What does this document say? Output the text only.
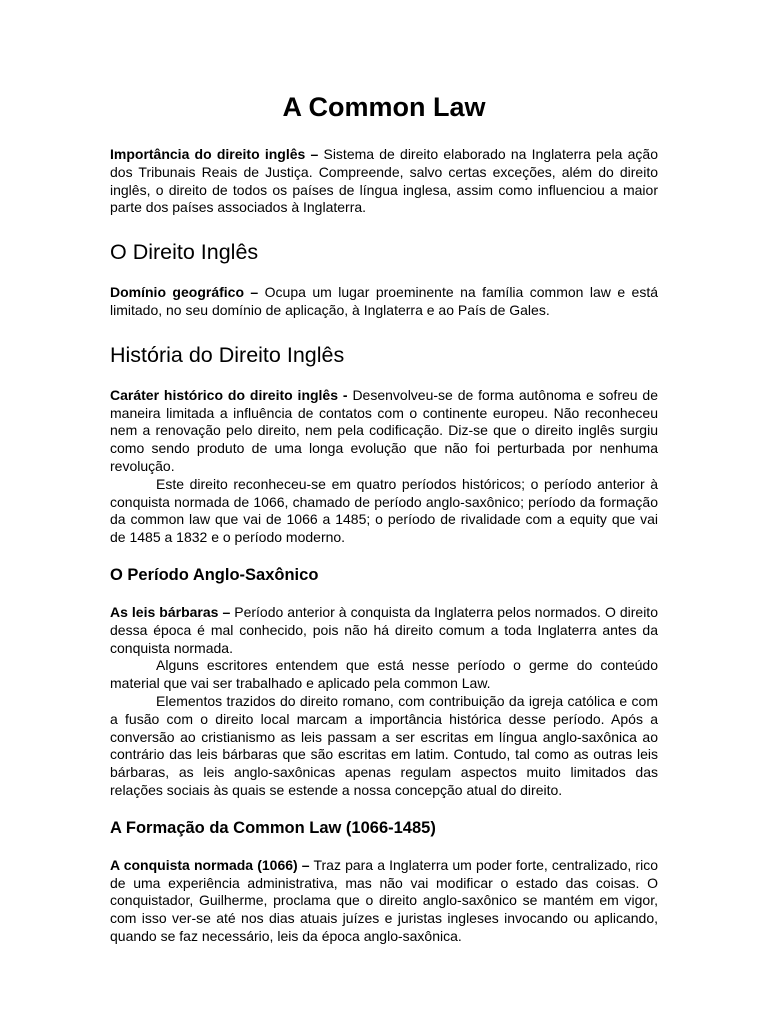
A Common Law

Importância do direito inglês – Sistema de direito elaborado na Inglaterra pela ação dos Tribunais Reais de Justiça. Compreende, salvo certas exceções, além do direito inglês, o direito de todos os países de língua inglesa, assim como influenciou a maior parte dos países associados à Inglaterra.

O Direito Inglês

Domínio geográfico – Ocupa um lugar proeminente na família common law e está limitado, no seu domínio de aplicação, à Inglaterra e ao País de Gales.

História do Direito Inglês

Caráter histórico do direito inglês - Desenvolveu-se de forma autônoma e sofreu de maneira limitada a influência de contatos com o continente europeu. Não reconheceu nem a renovação pelo direito, nem pela codificação. Diz-se que o direito inglês surgiu como sendo produto de uma longa evolução que não foi perturbada por nenhuma revolução.

Este direito reconheceu-se em quatro períodos históricos; o período anterior à conquista normada de 1066, chamado de período anglo-saxônico; período da formação da common law que vai de 1066 a 1485; o período de rivalidade com a equity que vai de 1485 a 1832 e o período moderno.

O Período Anglo-Saxônico

As leis bárbaras – Período anterior à conquista da Inglaterra pelos normados. O direito dessa época é mal conhecido, pois não há direito comum a toda Inglaterra antes da conquista normada.

Alguns escritores entendem que está nesse período o germe do conteúdo material que vai ser trabalhado e aplicado pela common Law.

Elementos trazidos do direito romano, com contribuição da igreja católica e com a fusão com o direito local marcam a importância histórica desse período. Após a conversão ao cristianismo as leis passam a ser escritas em língua anglo-saxônica ao contrário das leis bárbaras que são escritas em latim. Contudo, tal como as outras leis bárbaras, as leis anglo-saxônicas apenas regulam aspectos muito limitados das relações sociais às quais se estende a nossa concepção atual do direito.

A Formação da Common Law (1066-1485)

A conquista normada (1066) – Traz para a Inglaterra um poder forte, centralizado, rico de uma experiência administrativa, mas não vai modificar o estado das coisas. O conquistador, Guilherme, proclama que o direito anglo-saxônico se mantém em vigor, com isso ver-se até nos dias atuais juízes e juristas ingleses invocando ou aplicando, quando se faz necessário, leis da época anglo-saxônica.
